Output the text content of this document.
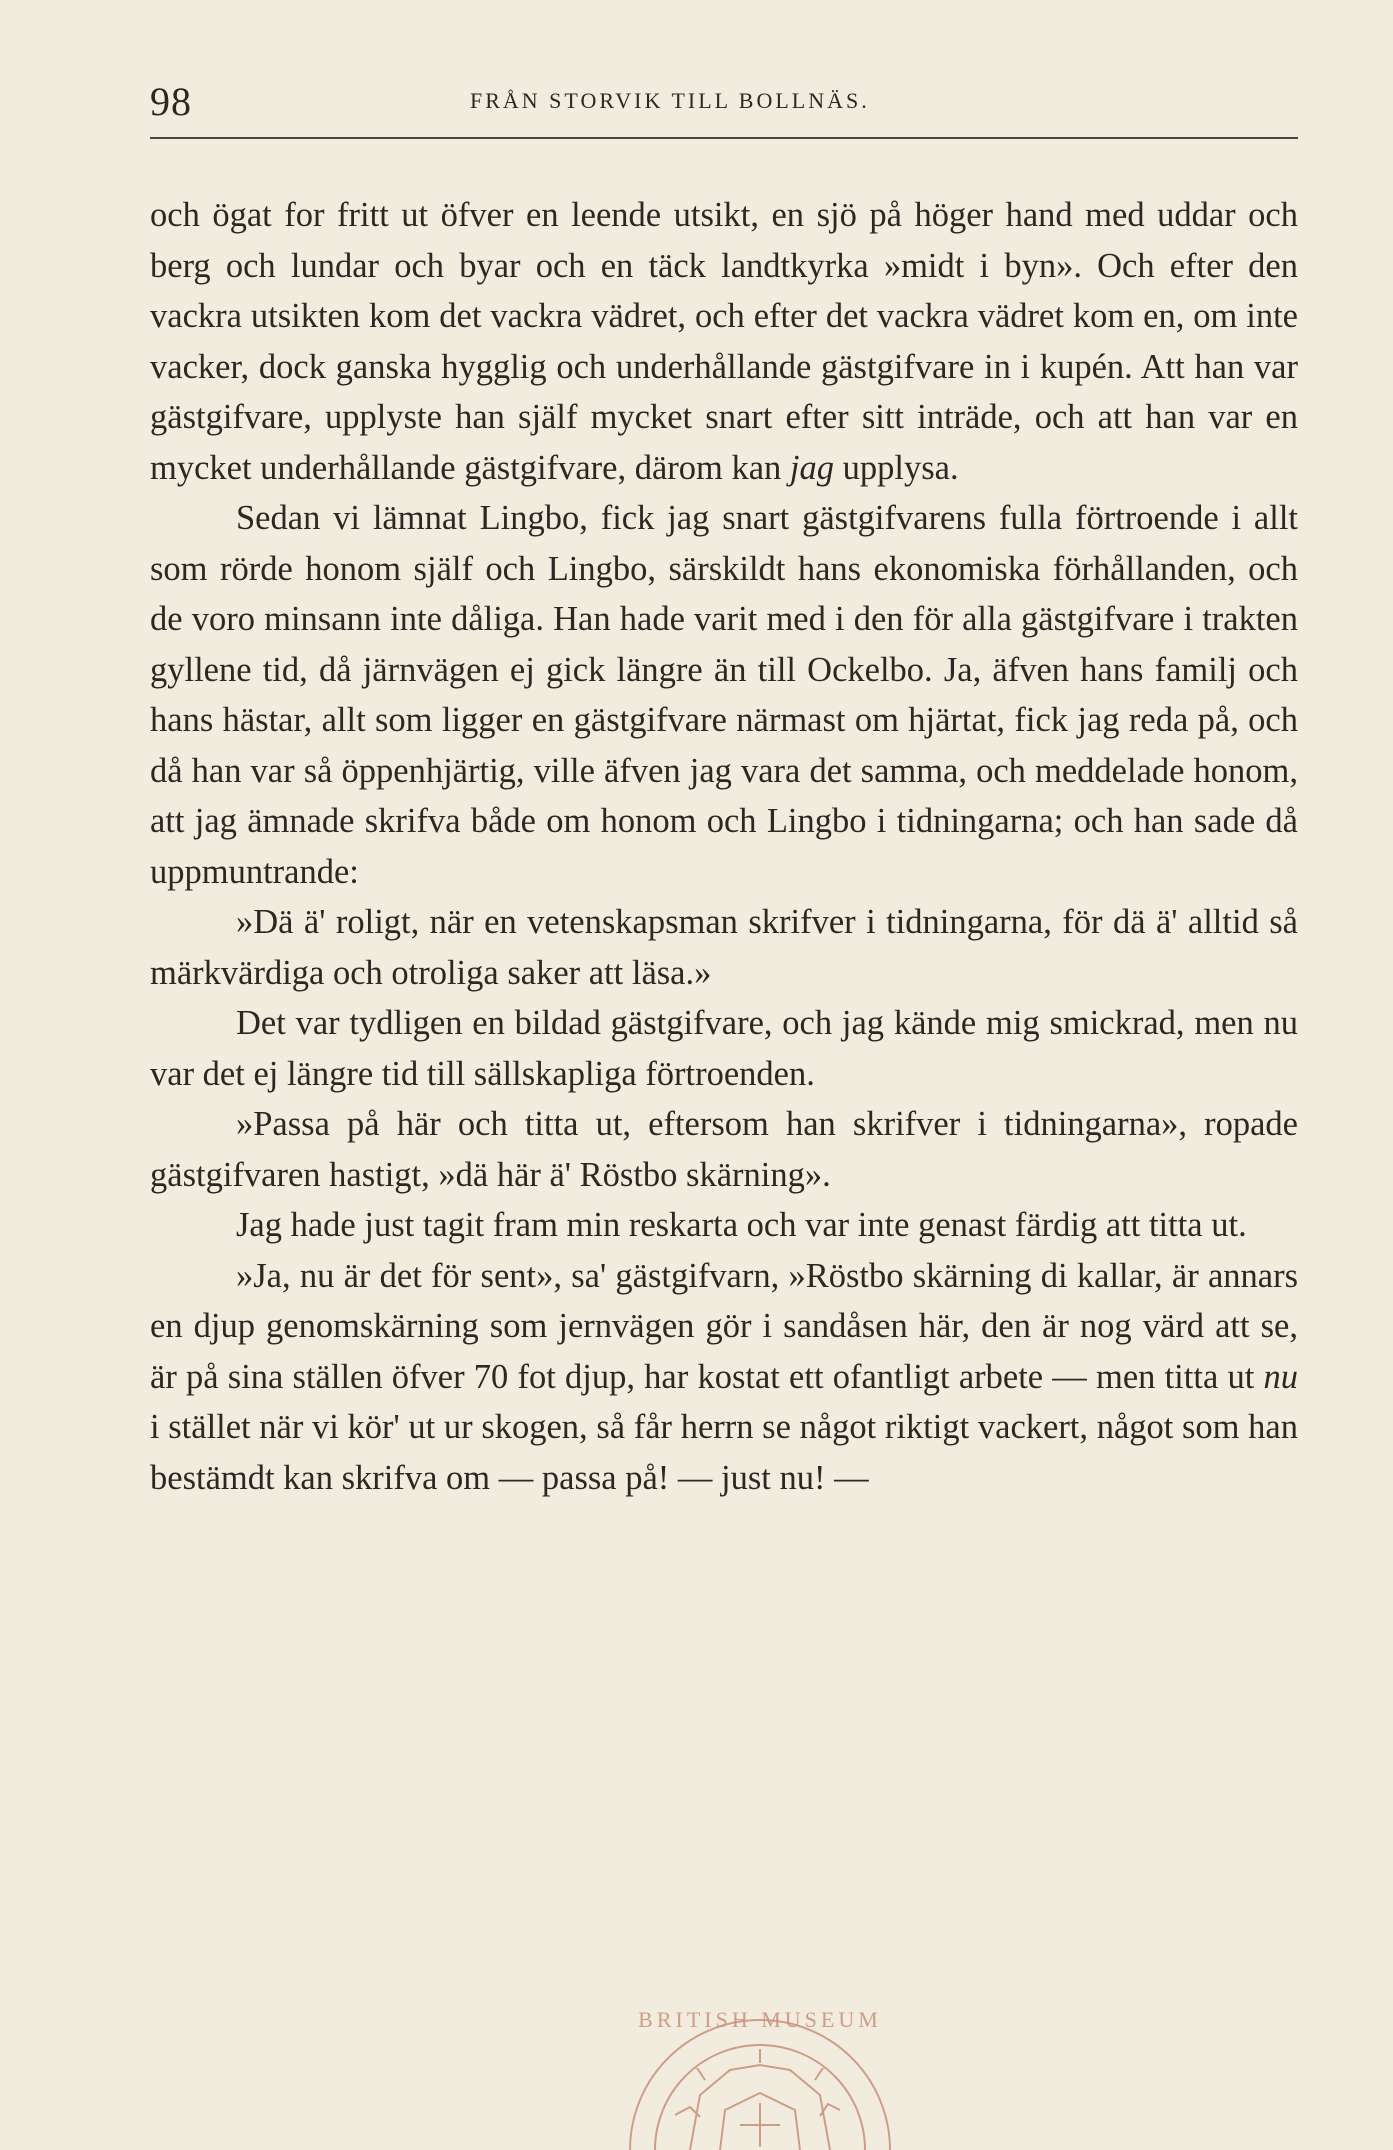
98	FRÅN STORVIK TILL BOLLNÄS.

och ögat for fritt ut öfver en leende utsikt, en sjö på höger hand med uddar och berg och lundar och byar och en täck landtkyrka »midt i byn». Och efter den vackra utsikten kom det vackra vädret, och efter det vackra vädret kom en, om inte vacker, dock ganska hygglig och underhållande gästgifvare in i kupén. Att han var gästgifvare, upplyste han själf mycket snart efter sitt inträde, och att han var en mycket underhållande gästgifvare, därom kan jag upplysa.

Sedan vi lämnat Lingbo, fick jag snart gästgifvarens fulla förtroende i allt som rörde honom själf och Lingbo, särskildt hans ekonomiska förhållanden, och de voro minsann inte dåliga. Han hade varit med i den för alla gästgifvare i trakten gyllene tid, då järnvägen ej gick längre än till Ockelbo. Ja, äfven hans familj och hans hästar, allt som ligger en gästgifvare närmast om hjärtat, fick jag reda på, och då han var så öppenhjärtig, ville äfven jag vara det samma, och meddelade honom, att jag ämnade skrifva både om honom och Lingbo i tidningarna; och han sade då uppmuntrande:

»Dä ä' roligt, när en vetenskapsman skrifver i tidningarna, för dä ä' alltid så märkvärdiga och otroliga saker att läsa.»

Det var tydligen en bildad gästgifvare, och jag kände mig smickrad, men nu var det ej längre tid till sällskapliga förtroenden.

»Passa på här och titta ut, eftersom han skrifver i tidningarna», ropade gästgifvaren hastigt, »dä här ä' Röstbo skärning».

Jag hade just tagit fram min reskarta och var inte genast färdig att titta ut.

»Ja, nu är det för sent», sa' gästgifvarn, »Röstbo skärning di kallar, är annars en djup genomskärning som jernvägen gör i sandåsen här, den är nog värd att se, är på sina ställen öfver 70 fot djup, har kostat ett ofantligt arbete — men titta ut nu i stället när vi kör' ut ur skogen, så får herrn se något riktigt vackert, något som han bestämdt kan skrifva om — passa på! — just nu! —

BRITISH MUSEUM
